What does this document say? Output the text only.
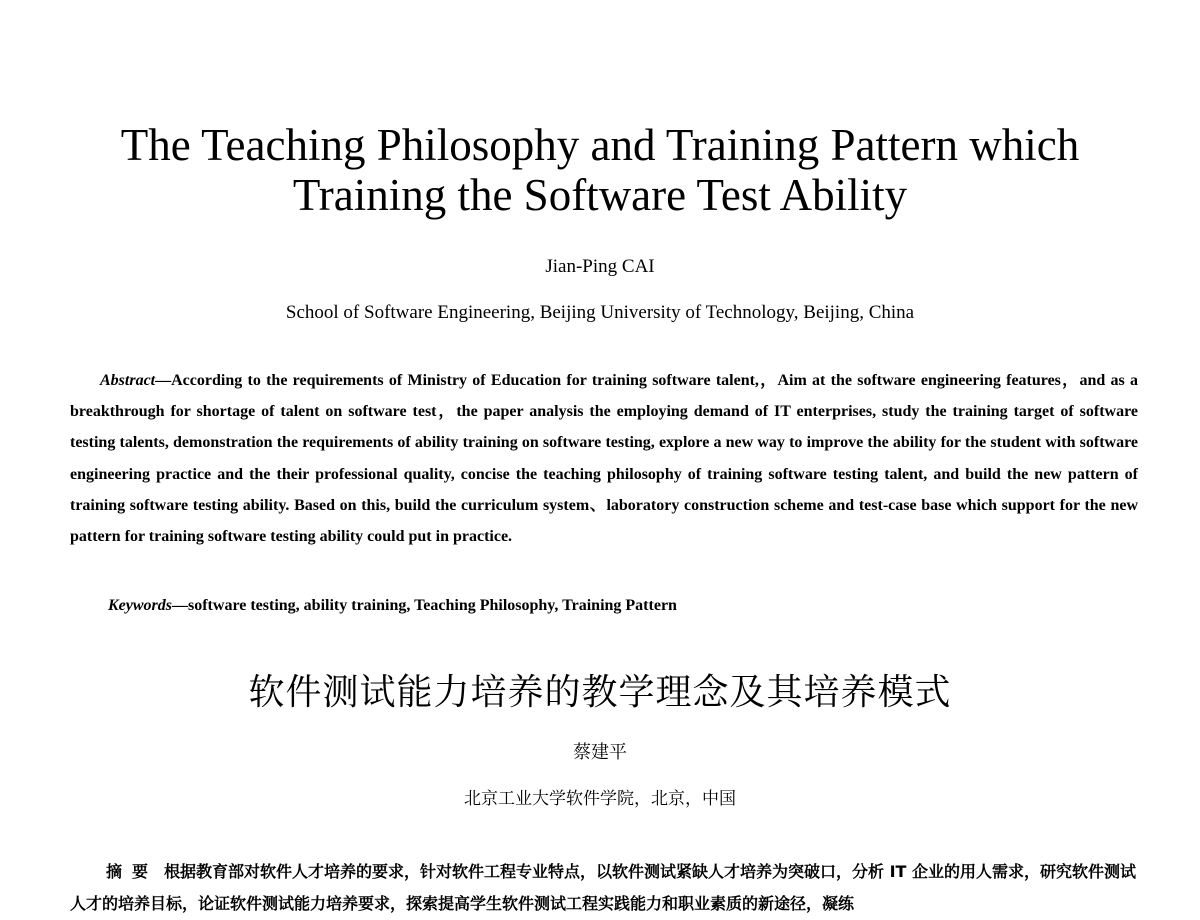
The Teaching Philosophy and Training Pattern which
Training the Software Test Ability

Jian-Ping CAI

School of Software Engineering, Beijing University of Technology, Beijing, China

Abstract—According to the requirements of Ministry of Education for training software talent,，Aim at the software engineering features，and as a breakthrough for shortage of talent on software test，the paper analysis the employing demand of IT enterprises, study the training target of software testing talents, demonstration the requirements of ability training on software testing, explore a new way to improve the ability for the student with software engineering practice and the their professional quality, concise the teaching philosophy of training software testing talent, and build the new pattern of training software testing ability. Based on this, build the curriculum system、laboratory construction scheme and test-case base which support for the new pattern for training software testing ability could put in practice.

Keywords—software testing, ability training, Teaching Philosophy, Training Pattern

软件测试能力培养的教学理念及其培养模式

蔡建平

北京工业大学软件学院，北京，中国

摘要 根据教育部对软件人才培养的要求，针对软件工程专业特点，以软件测试紧缺人才培养为突破口，分析 IT 企业的用人需求，研究软件测试人才的培养目标，论证软件测试能力培养要求，探索提高学生软件测试工程实践能力和职业素质的新途径，凝练
